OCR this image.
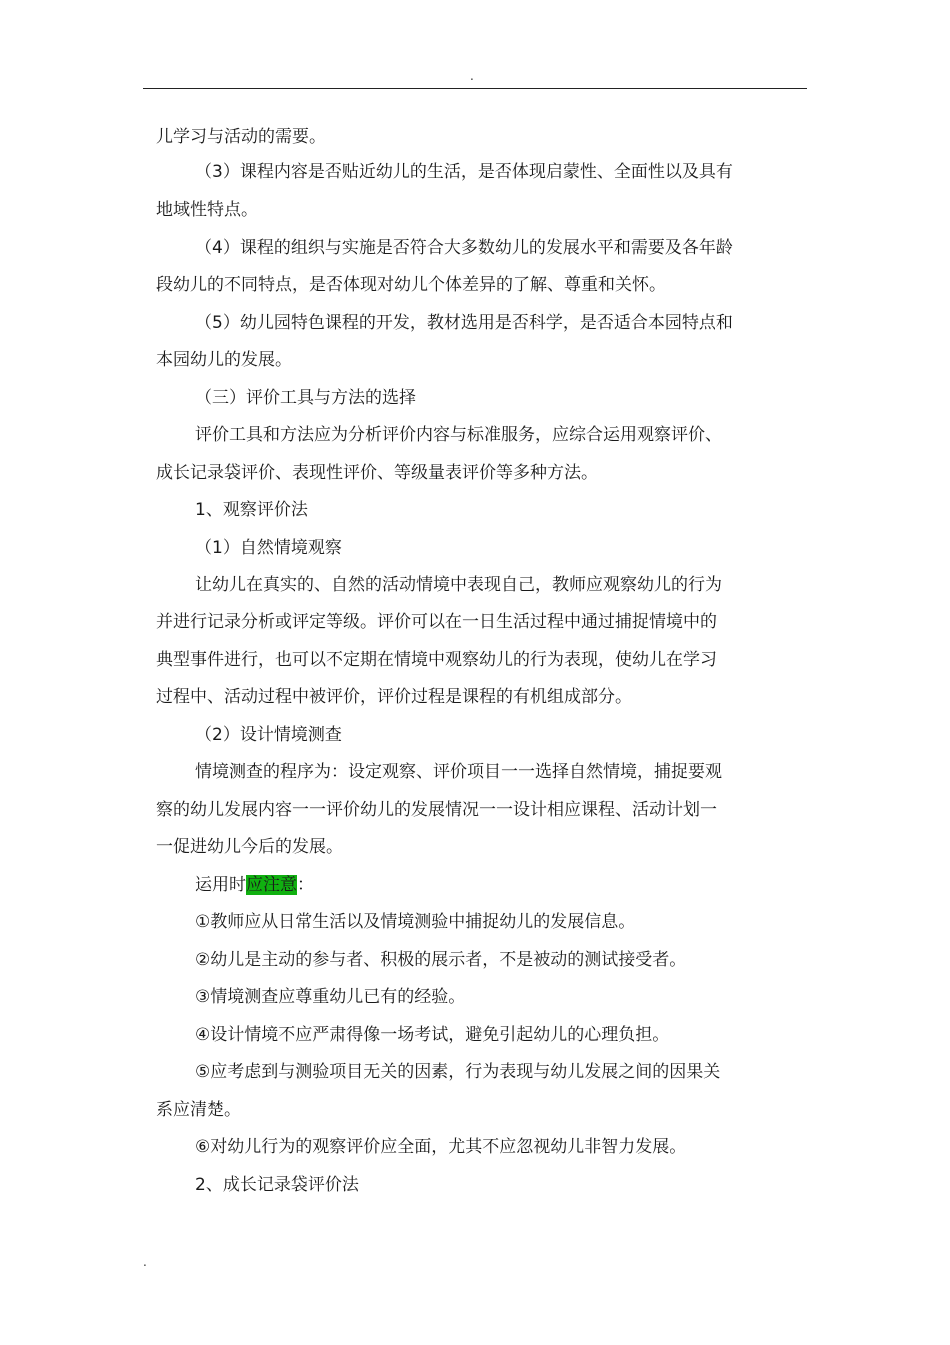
.
儿学习与活动的需要。
（3）课程内容是否贴近幼儿的生活，是否体现启蒙性、全面性以及具有
地域性特点。
（4）课程的组织与实施是否符合大多数幼儿的发展水平和需要及各年龄
段幼儿的不同特点，是否体现对幼儿个体差异的了解、尊重和关怀。
（5）幼儿园特色课程的开发，教材选用是否科学，是否适合本园特点和
本园幼儿的发展。
（三）评价工具与方法的选择
评价工具和方法应为分析评价内容与标准服务，应综合运用观察评价、
成长记录袋评价、表现性评价、等级量表评价等多种方法。
1、观察评价法
（1）自然情境观察
让幼儿在真实的、自然的活动情境中表现自己，教师应观察幼儿的行为
并进行记录分析或评定等级。评价可以在一日生活过程中通过捕捉情境中的
典型事件进行，也可以不定期在情境中观察幼儿的行为表现，使幼儿在学习
过程中、活动过程中被评价，评价过程是课程的有机组成部分。
（2）设计情境测查
情境测查的程序为：设定观察、评价项目一一选择自然情境，捕捉要观
察的幼儿发展内容一一评价幼儿的发展情况一一设计相应课程、活动计划一
一促进幼儿今后的发展。
运用时应注意：
①教师应从日常生活以及情境测验中捕捉幼儿的发展信息。
②幼儿是主动的参与者、积极的展示者，不是被动的测试接受者。
③情境测查应尊重幼儿已有的经验。
④设计情境不应严肃得像一场考试，避免引起幼儿的心理负担。
⑤应考虑到与测验项目无关的因素，行为表现与幼儿发展之间的因果关
系应清楚。
⑥对幼儿行为的观察评价应全面，尤其不应忽视幼儿非智力发展。
2、成长记录袋评价法
.
